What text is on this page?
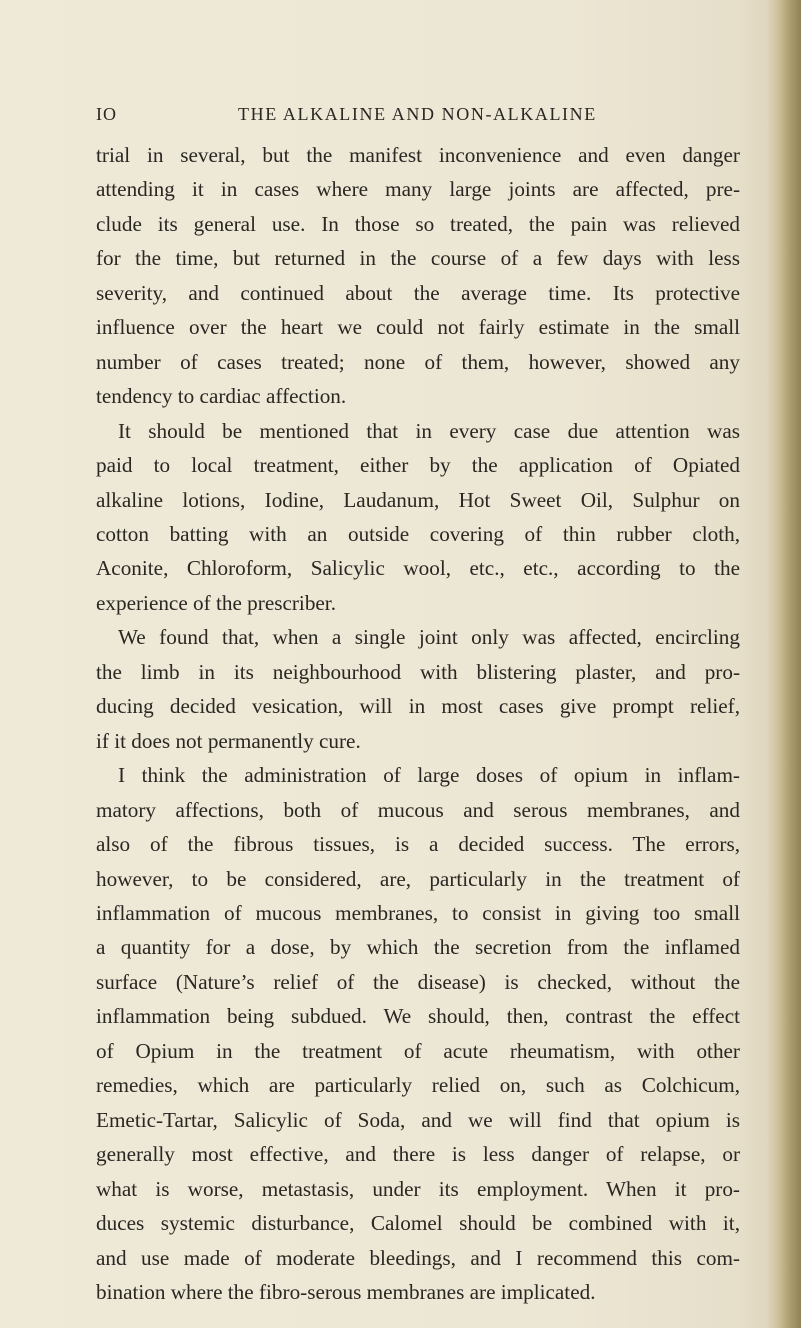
IO	THE ALKALINE AND NON-ALKALINE

trial in several, but the manifest inconvenience and even danger

attending it in cases where many large joints are affected, pre-

clude its general use. In those so treated, the pain was relieved

for the time, but returned in the course of a few days with less

severity, and continued about the average time. Its protective

influence over the heart we could not fairly estimate in the small

number of cases treated; none of them, however, showed any

tendency to cardiac affection.

It should be mentioned that in every case due attention was

paid to local treatment, either by the application of Opiated

alkaline lotions, Iodine, Laudanum, Hot Sweet Oil, Sulphur on

cotton batting with an outside covering of thin rubber cloth,

Aconite, Chloroform, Salicylic wool, etc., etc., according to the

experience of the prescriber.

We found that, when a single joint only was affected, encircling

the limb in its neighbourhood with blistering plaster, and pro-

ducing decided vesication, will in most cases give prompt relief,

if it does not permanently cure.

I think the administration of large doses of opium in inflam-

matory affections, both of mucous and serous membranes, and

also of the fibrous tissues, is a decided success. The errors,

however, to be considered, are, particularly in the treatment of

inflammation of mucous membranes, to consist in giving too small

a quantity for a dose, by which the secretion from the inflamed

surface (Nature’s relief of the disease) is checked, without the

inflammation being subdued. We should, then, contrast the effect

of Opium in the treatment of acute rheumatism, with other

remedies, which are particularly relied on, such as Colchicum,

Emetic-Tartar, Salicylic of Soda, and we will find that opium is

generally most effective, and there is less danger of relapse, or

what is worse, metastasis, under its employment. When it pro-

duces systemic disturbance, Calomel should be combined with it,

and use made of moderate bleedings, and I recommend this com-

bination where the fibro-serous membranes are implicated.
